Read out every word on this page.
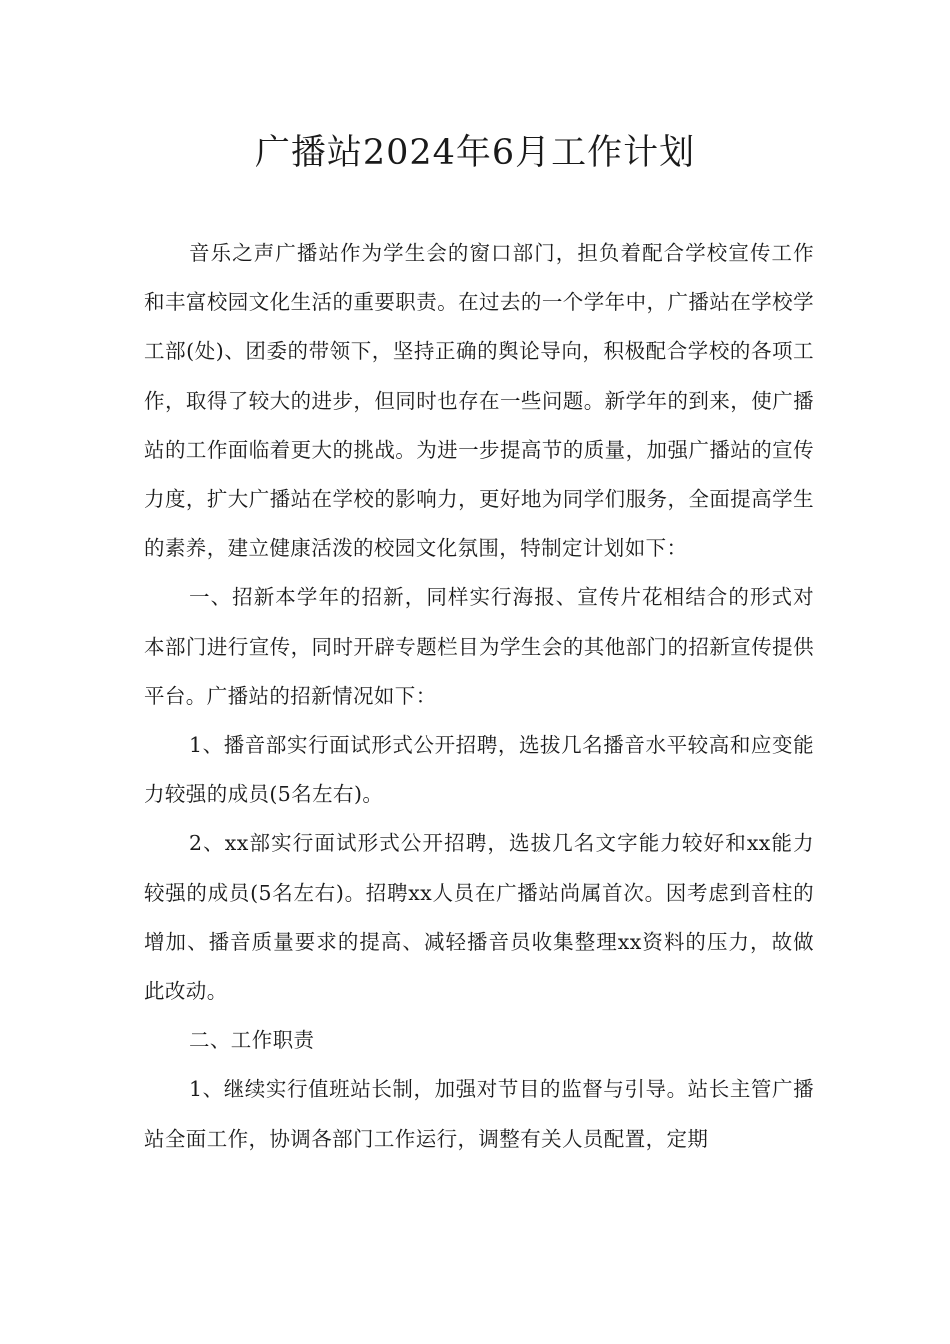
广播站2024年6月工作计划

音乐之声广播站作为学生会的窗口部门，担负着配合学校宣传工作和丰富校园文化生活的重要职责。在过去的一个学年中，广播站在学校学工部(处)、团委的带领下，坚持正确的舆论导向，积极配合学校的各项工作，取得了较大的进步，但同时也存在一些问题。新学年的到来，使广播站的工作面临着更大的挑战。为进一步提高节的质量，加强广播站的宣传力度，扩大广播站在学校的影响力，更好地为同学们服务，全面提高学生的素养，建立健康活泼的校园文化氛围，特制定计划如下：

一、招新本学年的招新，同样实行海报、宣传片花相结合的形式对本部门进行宣传，同时开辟专题栏目为学生会的其他部门的招新宣传提供平台。广播站的招新情况如下：

1、播音部实行面试形式公开招聘，选拔几名播音水平较高和应变能力较强的成员(5名左右)。

2、xx部实行面试形式公开招聘，选拔几名文字能力较好和xx能力较强的成员(5名左右)。招聘xx人员在广播站尚属首次。因考虑到音柱的增加、播音质量要求的提高、减轻播音员收集整理xx资料的压力，故做此改动。

二、工作职责

1、继续实行值班站长制，加强对节目的监督与引导。站长主管广播站全面工作，协调各部门工作运行，调整有关人员配置，定期
